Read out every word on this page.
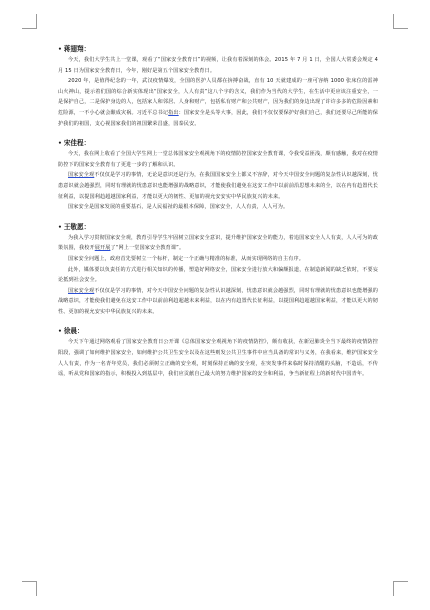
• 蒋翅翔：

今天，我们大学生共上一堂课，观看了“国家安全教育日”的视频，让我有着深刻的体会。2015 年 7 月 1 日，全国人大常委会规定 4 月 15 日为国家安全教育日，今年，刚好是第五个国家安全教育日。

2020 年，是值得纪念的一年，武汉疫情爆发，全国的医护人员都在拚搏奋战，直有 10 天就建成的一座可容纳 1000 张床位的雷神山火神山，提示着们国的综合新实体现出“国家安全，人人有责”这八个字的含义，我们作为当代的大学生，在生活中更应该注重安全，一是保护自己，二是保护身边的人，包括家人和邻居、人身和财产，包括私有财产和公共财产，因为我们的身边出现了许许多多的危险因素和危险源，一不小心就会酿成灾祸。习近平总书记指出：国家安全是头等大事，因此，我们不仅仅要保护好我们自己，我们还要尽己所能的保护我们的祖国，支心视国家我们的祖国繁荣昌盛，国泰民安。

• 宋佳程：

今天，我在网上收看了全国大学生网上一堂总体国家安全观视角下的疫情防控国家安全教育课，令我受益匪浅，颇有感触，我对在疫情防控下的国家安全教育有了更进一步的了解和认识。

国家安全观不仅仅是学习的事情，无论是意识还是行为，在我国国家安全上都义不容辞，对今天中国安全问题的复杂性认识越深刻，忧患意识就会越强烈，同时有理就的忧患意识也能增强的战略意识，才能使我们避免在这安工作中以前前沿思想未来的全，以在内有趋置代长征利益，以提国利趋超越国家利益，才能以更大的韧性、更加的视允安安实中华民族复兴的未来。

国家安全是国家发展的重要基石，是人民福祉的最根本保障，国家安全，人人有责，人人可为。

• 王敬愿：

为我入学习贯彻国家安全观，教育引导学生牢固树立国家安全意识，提升维护国家安全的能力，着追国家安全人人有责，人人可为的政策氛围，我校开展开展了“网上一堂国家安全教育课”。

国家安全问题上，政府首先要树立一个标杆，制定一个正确与精准的标准，从而实现网络的自主有序。

此外，媒体要以负责任的方式进行相关知识的传播，塑造好网络安全，国家安全进行放大和偏颇报道，在制造新闻的缺乏依时，不要妄论抵到社会安全。

国家安全观不仅仅是学习的事情，对今天中国安全问题的复杂性认识越深刻，忧患意识就会越强烈，同时有理就的忧患意识也能增强的战略意识，才能使我们避免在这安工作中以前前利趋超越未来利益，以在内有趋置代长征利益，以提国利趋超越国家利益，才能以更大的韧性、更加的视允安实中华民族复兴的未来。

• 徐晨：

今天下午通过网络观看了国家安全教育日公开课《总体国家安全观视角下的疫情防控》，颇有收获，在新冠肺炎全当下最终的疫情防控阳段，强调了如何维护国家安全，如何维护公共卫生安全以及在这些则发公共卫生事件中应当具备的常识与义务，在我看来，维护国家安全人人有责，作为一名青年党员，我们必须树立正确的安全观，时刻保持正确的安全观，在突发事件来临时保持清醒的头脑，不造谣，不传谣，听从党和国家的指示，积极投入到基层中，我们应贡献自己最大的努力维护国家的安全和利益，争当新征程上的新时代中国青年。
